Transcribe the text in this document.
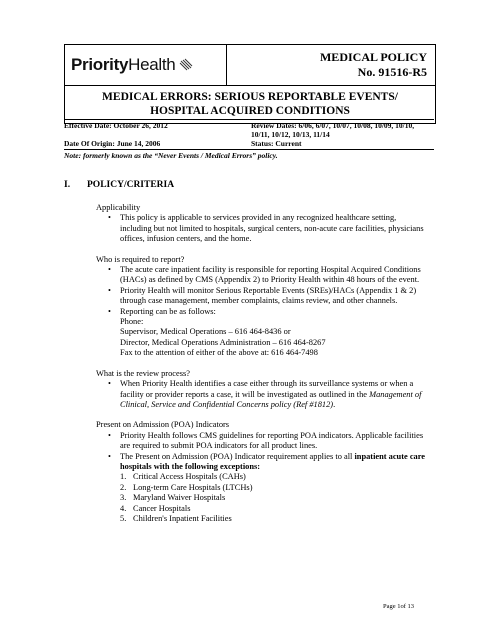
PriorityHealth	MEDICAL POLICY
No. 91516-R5
MEDICAL ERRORS: SERIOUS REPORTABLE EVENTS/
HOSPITAL ACQUIRED CONDITIONS
Effective Date: October 26, 2012	Review Dates: 6/06, 6/07, 10/07, 10/08, 10/09, 10/10,
10/11, 10/12, 10/13, 11/14
Date Of Origin: June 14, 2006	Status: Current
Note: formerly known as the “Never Events / Medical Errors” policy.
I. POLICY/CRITERIA

Applicability

• This policy is applicable to services provided in any recognized healthcare setting, including but not limited to hospitals, surgical centers, non-acute care facilities, physicians offices, infusion centers, and the home.

Who is required to report?

• The acute care inpatient facility is responsible for reporting Hospital Acquired Conditions (HACs) as defined by CMS (Appendix 2) to Priority Health within 48 hours of the event.
• Priority Health will monitor Serious Reportable Events (SREs)/HACs (Appendix 1 & 2) through case management, member complaints, claims review, and other channels.
• Reporting can be as follows:
Phone:
Supervisor, Medical Operations – 616 464-8436 or
Director, Medical Operations Administration – 616 464-8267
Fax to the attention of either of the above at: 616 464-7498

What is the review process?

• When Priority Health identifies a case either through its surveillance systems or when a facility or provider reports a case, it will be investigated as outlined in the Management of Clinical, Service and Confidential Concerns policy (Ref #1812).

Present on Admission (POA) Indicators

• Priority Health follows CMS guidelines for reporting POA indicators. Applicable facilities are required to submit POA indicators for all product lines.
• The Present on Admission (POA) Indicator requirement applies to all inpatient acute care hospitals with the following exceptions:
1. Critical Access Hospitals (CAHs)
2. Long-term Care Hospitals (LTCHs)
3. Maryland Waiver Hospitals
4. Cancer Hospitals
5. Children's Inpatient Facilities
Page 1of 13
